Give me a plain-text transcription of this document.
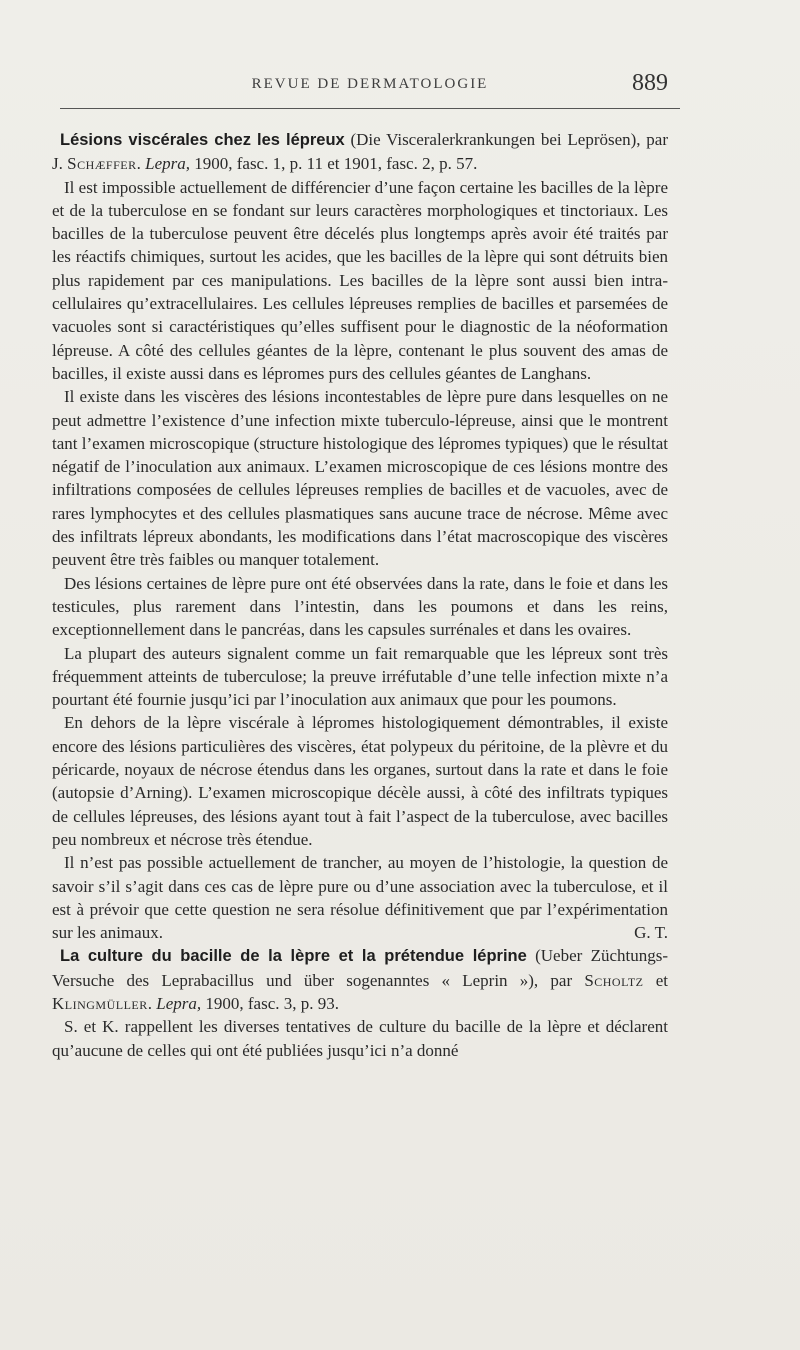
REVUE DE DERMATOLOGIE	889

Lésions viscérales chez les lépreux (Die Visceralerkrankungen bei Leprösen), par J. Schæffer. Lepra, 1900, fasc. 1, p. 11 et 1901, fasc. 2, p. 57.

Il est impossible actuellement de différencier d’une façon certaine les bacilles de la lèpre et de la tuberculose en se fondant sur leurs caractères morphologiques et tinctoriaux. Les bacilles de la tuberculose peuvent être décelés plus longtemps après avoir été traités par les réactifs chimiques, surtout les acides, que les bacilles de la lèpre qui sont détruits bien plus rapidement par ces manipulations. Les bacilles de la lèpre sont aussi bien intracellulaires qu’extracellulaires. Les cellules lépreuses remplies de bacilles et parsemées de vacuoles sont si caractéristiques qu’elles suffisent pour le diagnostic de la néoformation lépreuse. A côté des cellules géantes de la lèpre, contenant le plus souvent des amas de bacilles, il existe aussi dans es lépromes purs des cellules géantes de Langhans.

Il existe dans les viscères des lésions incontestables de lèpre pure dans lesquelles on ne peut admettre l’existence d’une infection mixte tuberculo-lépreuse, ainsi que le montrent tant l’examen microscopique (structure histologique des lépromes typiques) que le résultat négatif de l’inoculation aux animaux. L’examen microscopique de ces lésions montre des infiltrations composées de cellules lépreuses remplies de bacilles et de vacuoles, avec de rares lymphocytes et des cellules plasmatiques sans aucune trace de nécrose. Même avec des infiltrats lépreux abondants, les modifications dans l’état macroscopique des viscères peuvent être très faibles ou manquer totalement.

Des lésions certaines de lèpre pure ont été observées dans la rate, dans le foie et dans les testicules, plus rarement dans l’intestin, dans les poumons et dans les reins, exceptionnellement dans le pancréas, dans les capsules surrénales et dans les ovaires.

La plupart des auteurs signalent comme un fait remarquable que les lépreux sont très fréquemment atteints de tuberculose; la preuve irréfutable d’une telle infection mixte n’a pourtant été fournie jusqu’ici par l’inoculation aux animaux que pour les poumons.

En dehors de la lèpre viscérale à lépromes histologiquement démontrables, il existe encore des lésions particulières des viscères, état polypeux du péritoine, de la plèvre et du péricarde, noyaux de nécrose étendus dans les organes, surtout dans la rate et dans le foie (autopsie d’Arning). L’examen microscopique décèle aussi, à côté des infiltrats typiques de cellules lépreuses, des lésions ayant tout à fait l’aspect de la tuberculose, avec bacilles peu nombreux et nécrose très étendue.

Il n’est pas possible actuellement de trancher, au moyen de l’histologie, la question de savoir s’il s’agit dans ces cas de lèpre pure ou d’une association avec la tuberculose, et il est à prévoir que cette question ne sera résolue définitivement que par l’expérimentation sur les animaux.	G. T.

La culture du bacille de la lèpre et la prétendue léprine (Ueber Züchtungs-Versuche des Leprabacillus und über sogenanntes « Leprin »), par Scholtz et Klingmüller. Lepra, 1900, fasc. 3, p. 93.

S. et K. rappellent les diverses tentatives de culture du bacille de la lèpre et déclarent qu’aucune de celles qui ont été publiées jusqu’ici n’a donné
